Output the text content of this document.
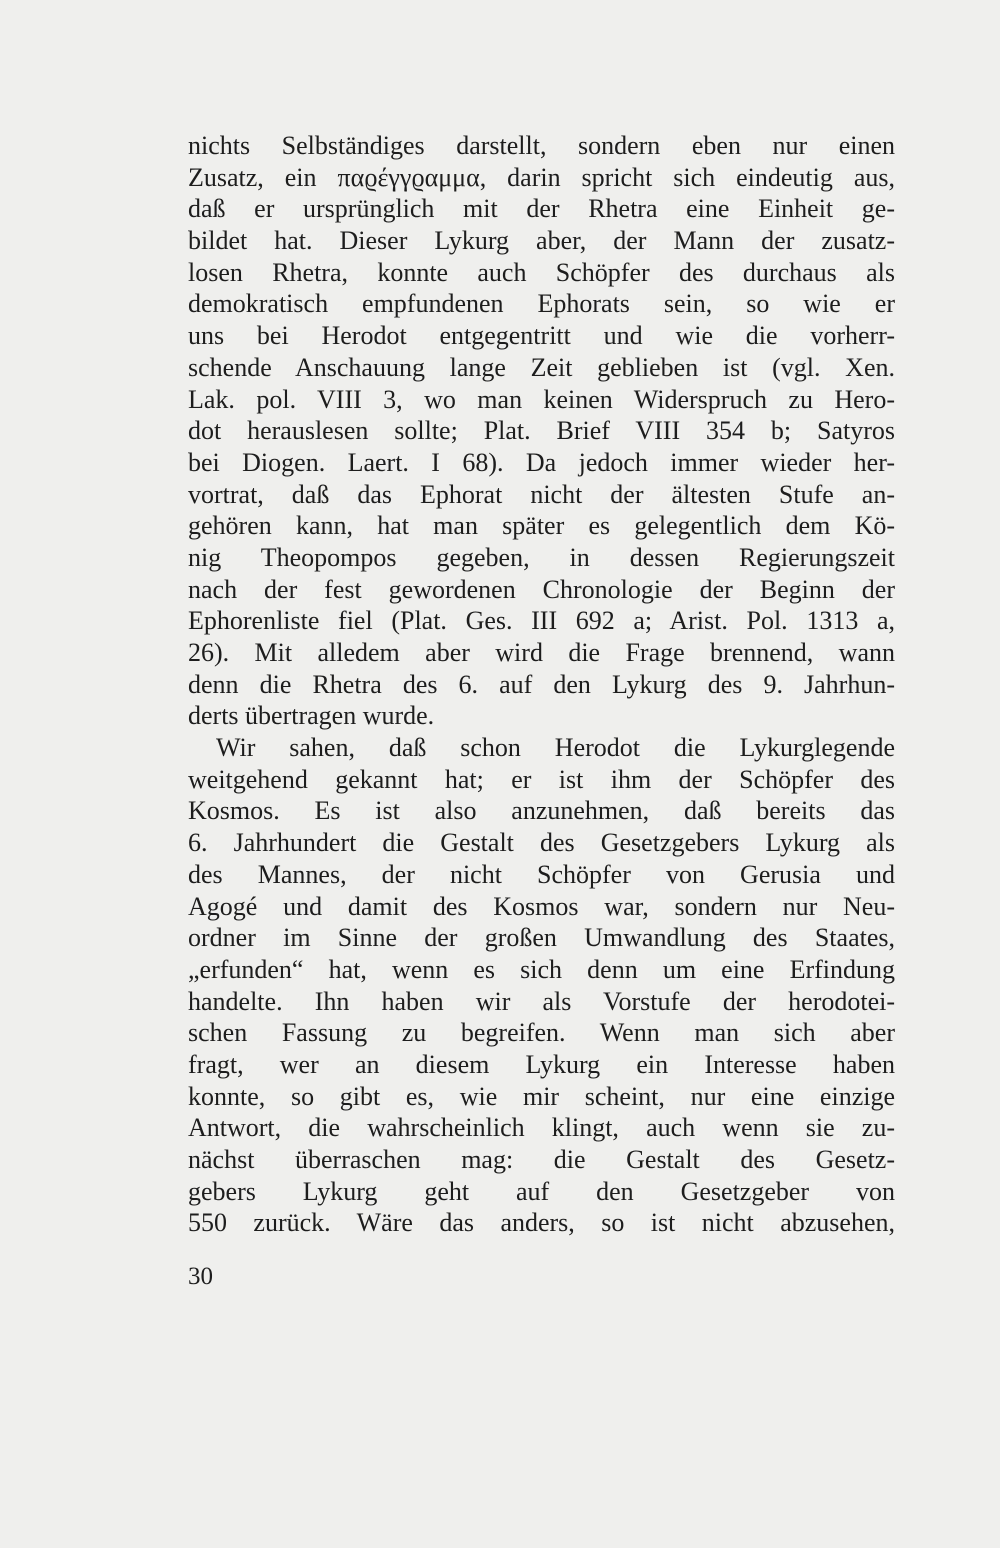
nichts Selbständiges darstellt, sondern eben nur einen
Zusatz, ein παϱέγγϱαμμα, darin spricht sich eindeutig aus,
daß er ursprünglich mit der Rhetra eine Einheit ge-
bildet hat. Dieser Lykurg aber, der Mann der zusatz-
losen Rhetra, konnte auch Schöpfer des durchaus als
demokratisch empfundenen Ephorats sein, so wie er
uns bei Herodot entgegentritt und wie die vorherr-
schende Anschauung lange Zeit geblieben ist (vgl. Xen.
Lak. pol. VIII 3, wo man keinen Widerspruch zu Hero-
dot herauslesen sollte; Plat. Brief VIII 354 b; Satyros
bei Diogen. Laert. I 68). Da jedoch immer wieder her-
vortrat, daß das Ephorat nicht der ältesten Stufe an-
gehören kann, hat man später es gelegentlich dem Kö-
nig Theopompos gegeben, in dessen Regierungszeit
nach der fest gewordenen Chronologie der Beginn der
Ephorenliste fiel (Plat. Ges. III 692 a; Arist. Pol. 1313 a,
26). Mit alledem aber wird die Frage brennend, wann
denn die Rhetra des 6. auf den Lykurg des 9. Jahrhun-
derts übertragen wurde.
Wir sahen, daß schon Herodot die Lykurglegende
weitgehend gekannt hat; er ist ihm der Schöpfer des
Kosmos. Es ist also anzunehmen, daß bereits das
6. Jahrhundert die Gestalt des Gesetzgebers Lykurg als
des Mannes, der nicht Schöpfer von Gerusia und
Agogé und damit des Kosmos war, sondern nur Neu-
ordner im Sinne der großen Umwandlung des Staates,
„erfunden“ hat, wenn es sich denn um eine Erfindung
handelte. Ihn haben wir als Vorstufe der herodotei-
schen Fassung zu begreifen. Wenn man sich aber
fragt, wer an diesem Lykurg ein Interesse haben
konnte, so gibt es, wie mir scheint, nur eine einzige
Antwort, die wahrscheinlich klingt, auch wenn sie zu-
nächst überraschen mag: die Gestalt des Gesetz-
gebers Lykurg geht auf den Gesetzgeber von
550 zurück. Wäre das anders, so ist nicht abzusehen,
30
